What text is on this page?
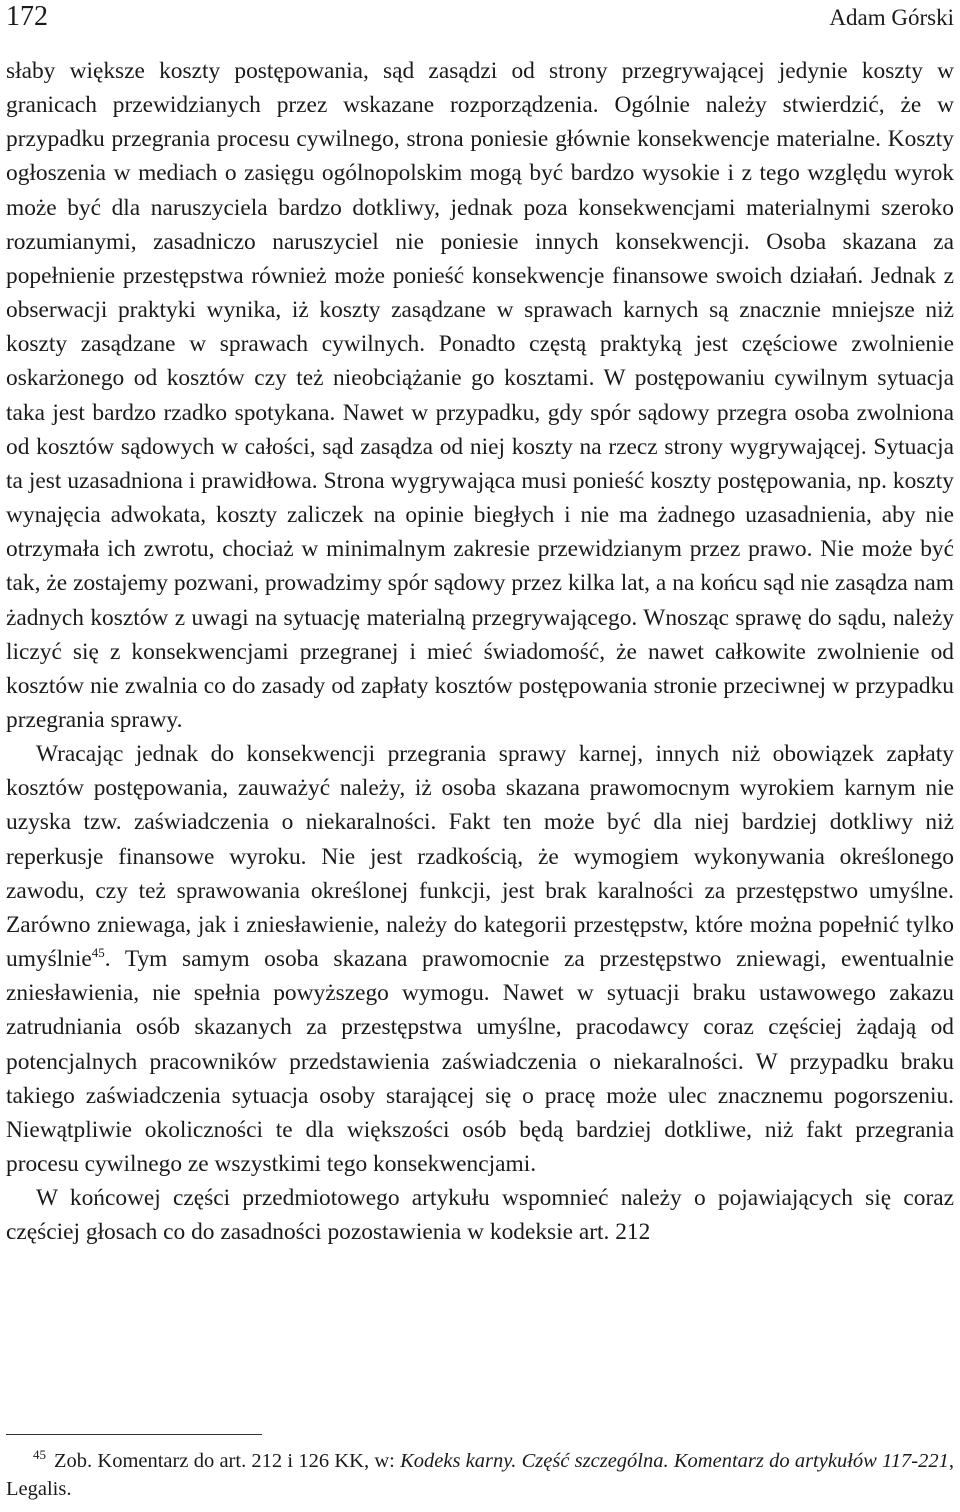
172	Adam Górski

słaby większe koszty postępowania, sąd zasądzi od strony przegrywającej jedynie koszty w granicach przewidzianych przez wskazane rozporządzenia. Ogólnie należy stwierdzić, że w przypadku przegrania procesu cywilnego, strona poniesie głównie konsekwencje materialne. Koszty ogłoszenia w mediach o zasięgu ogólnopolskim mogą być bardzo wysokie i z tego względu wyrok może być dla naruszyciela bardzo dotkliwy, jednak poza konsekwencjami materialnymi szeroko rozumianymi, zasadniczo naruszyciel nie poniesie innych konsekwencji. Osoba skazana za popełnienie przestępstwa również może ponieść konsekwencje finansowe swoich działań. Jednak z obserwacji praktyki wynika, iż koszty zasądzane w sprawach karnych są znacznie mniejsze niż koszty zasądzane w sprawach cywilnych. Ponadto częstą praktyką jest częściowe zwolnienie oskarżonego od kosztów czy też nieobciążanie go kosztami. W postępowaniu cywilnym sytuacja taka jest bardzo rzadko spotykana. Nawet w przypadku, gdy spór sądowy przegra osoba zwolniona od kosztów sądowych w całości, sąd zasądza od niej koszty na rzecz strony wygrywającej. Sytuacja ta jest uzasadniona i prawidłowa. Strona wygrywająca musi ponieść koszty postępowania, np. koszty wynajęcia adwokata, koszty zaliczek na opinie biegłych i nie ma żadnego uzasadnienia, aby nie otrzymała ich zwrotu, chociaż w minimalnym zakresie przewidzianym przez prawo. Nie może być tak, że zostajemy pozwani, prowadzimy spór sądowy przez kilka lat, a na końcu sąd nie zasądza nam żadnych kosztów z uwagi na sytuację materialną przegrywającego. Wnosząc sprawę do sądu, należy liczyć się z konsekwencjami przegranej i mieć świadomość, że nawet całkowite zwolnienie od kosztów nie zwalnia co do zasady od zapłaty kosztów postępowania stronie przeciwnej w przypadku przegrania sprawy.

Wracając jednak do konsekwencji przegrania sprawy karnej, innych niż obowiązek zapłaty kosztów postępowania, zauważyć należy, iż osoba skazana prawomocnym wyrokiem karnym nie uzyska tzw. zaświadczenia o niekaralności. Fakt ten może być dla niej bardziej dotkliwy niż reperkusje finansowe wyroku. Nie jest rzadkością, że wymogiem wykonywania określonego zawodu, czy też sprawowania określonej funkcji, jest brak karalności za przestępstwo umyślne. Zarówno zniewaga, jak i zniesławienie, należy do kategorii przestępstw, które można popełnić tylko umyślnie$^{45}$. Tym samym osoba skazana prawomocnie za przestępstwo zniewagi, ewentualnie zniesławienia, nie spełnia powyższego wymogu. Nawet w sytuacji braku ustawowego zakazu zatrudniania osób skazanych za przestępstwa umyślne, pracodawcy coraz częściej żądają od potencjalnych pracowników przedstawienia zaświadczenia o niekaralności. W przypadku braku takiego zaświadczenia sytuacja osoby starającej się o pracę może ulec znacznemu pogorszeniu. Niewątpliwie okoliczności te dla większości osób będą bardziej dotkliwe, niż fakt przegrania procesu cywilnego ze wszystkimi tego konsekwencjami.

W końcowej części przedmiotowego artykułu wspomnieć należy o pojawiających się coraz częściej głosach co do zasadności pozostawienia w kodeksie art. 212

45 Zob. Komentarz do art. 212 i 126 KK, w: Kodeks karny. Część szczególna. Komentarz do artykułów 117-221, Legalis.
